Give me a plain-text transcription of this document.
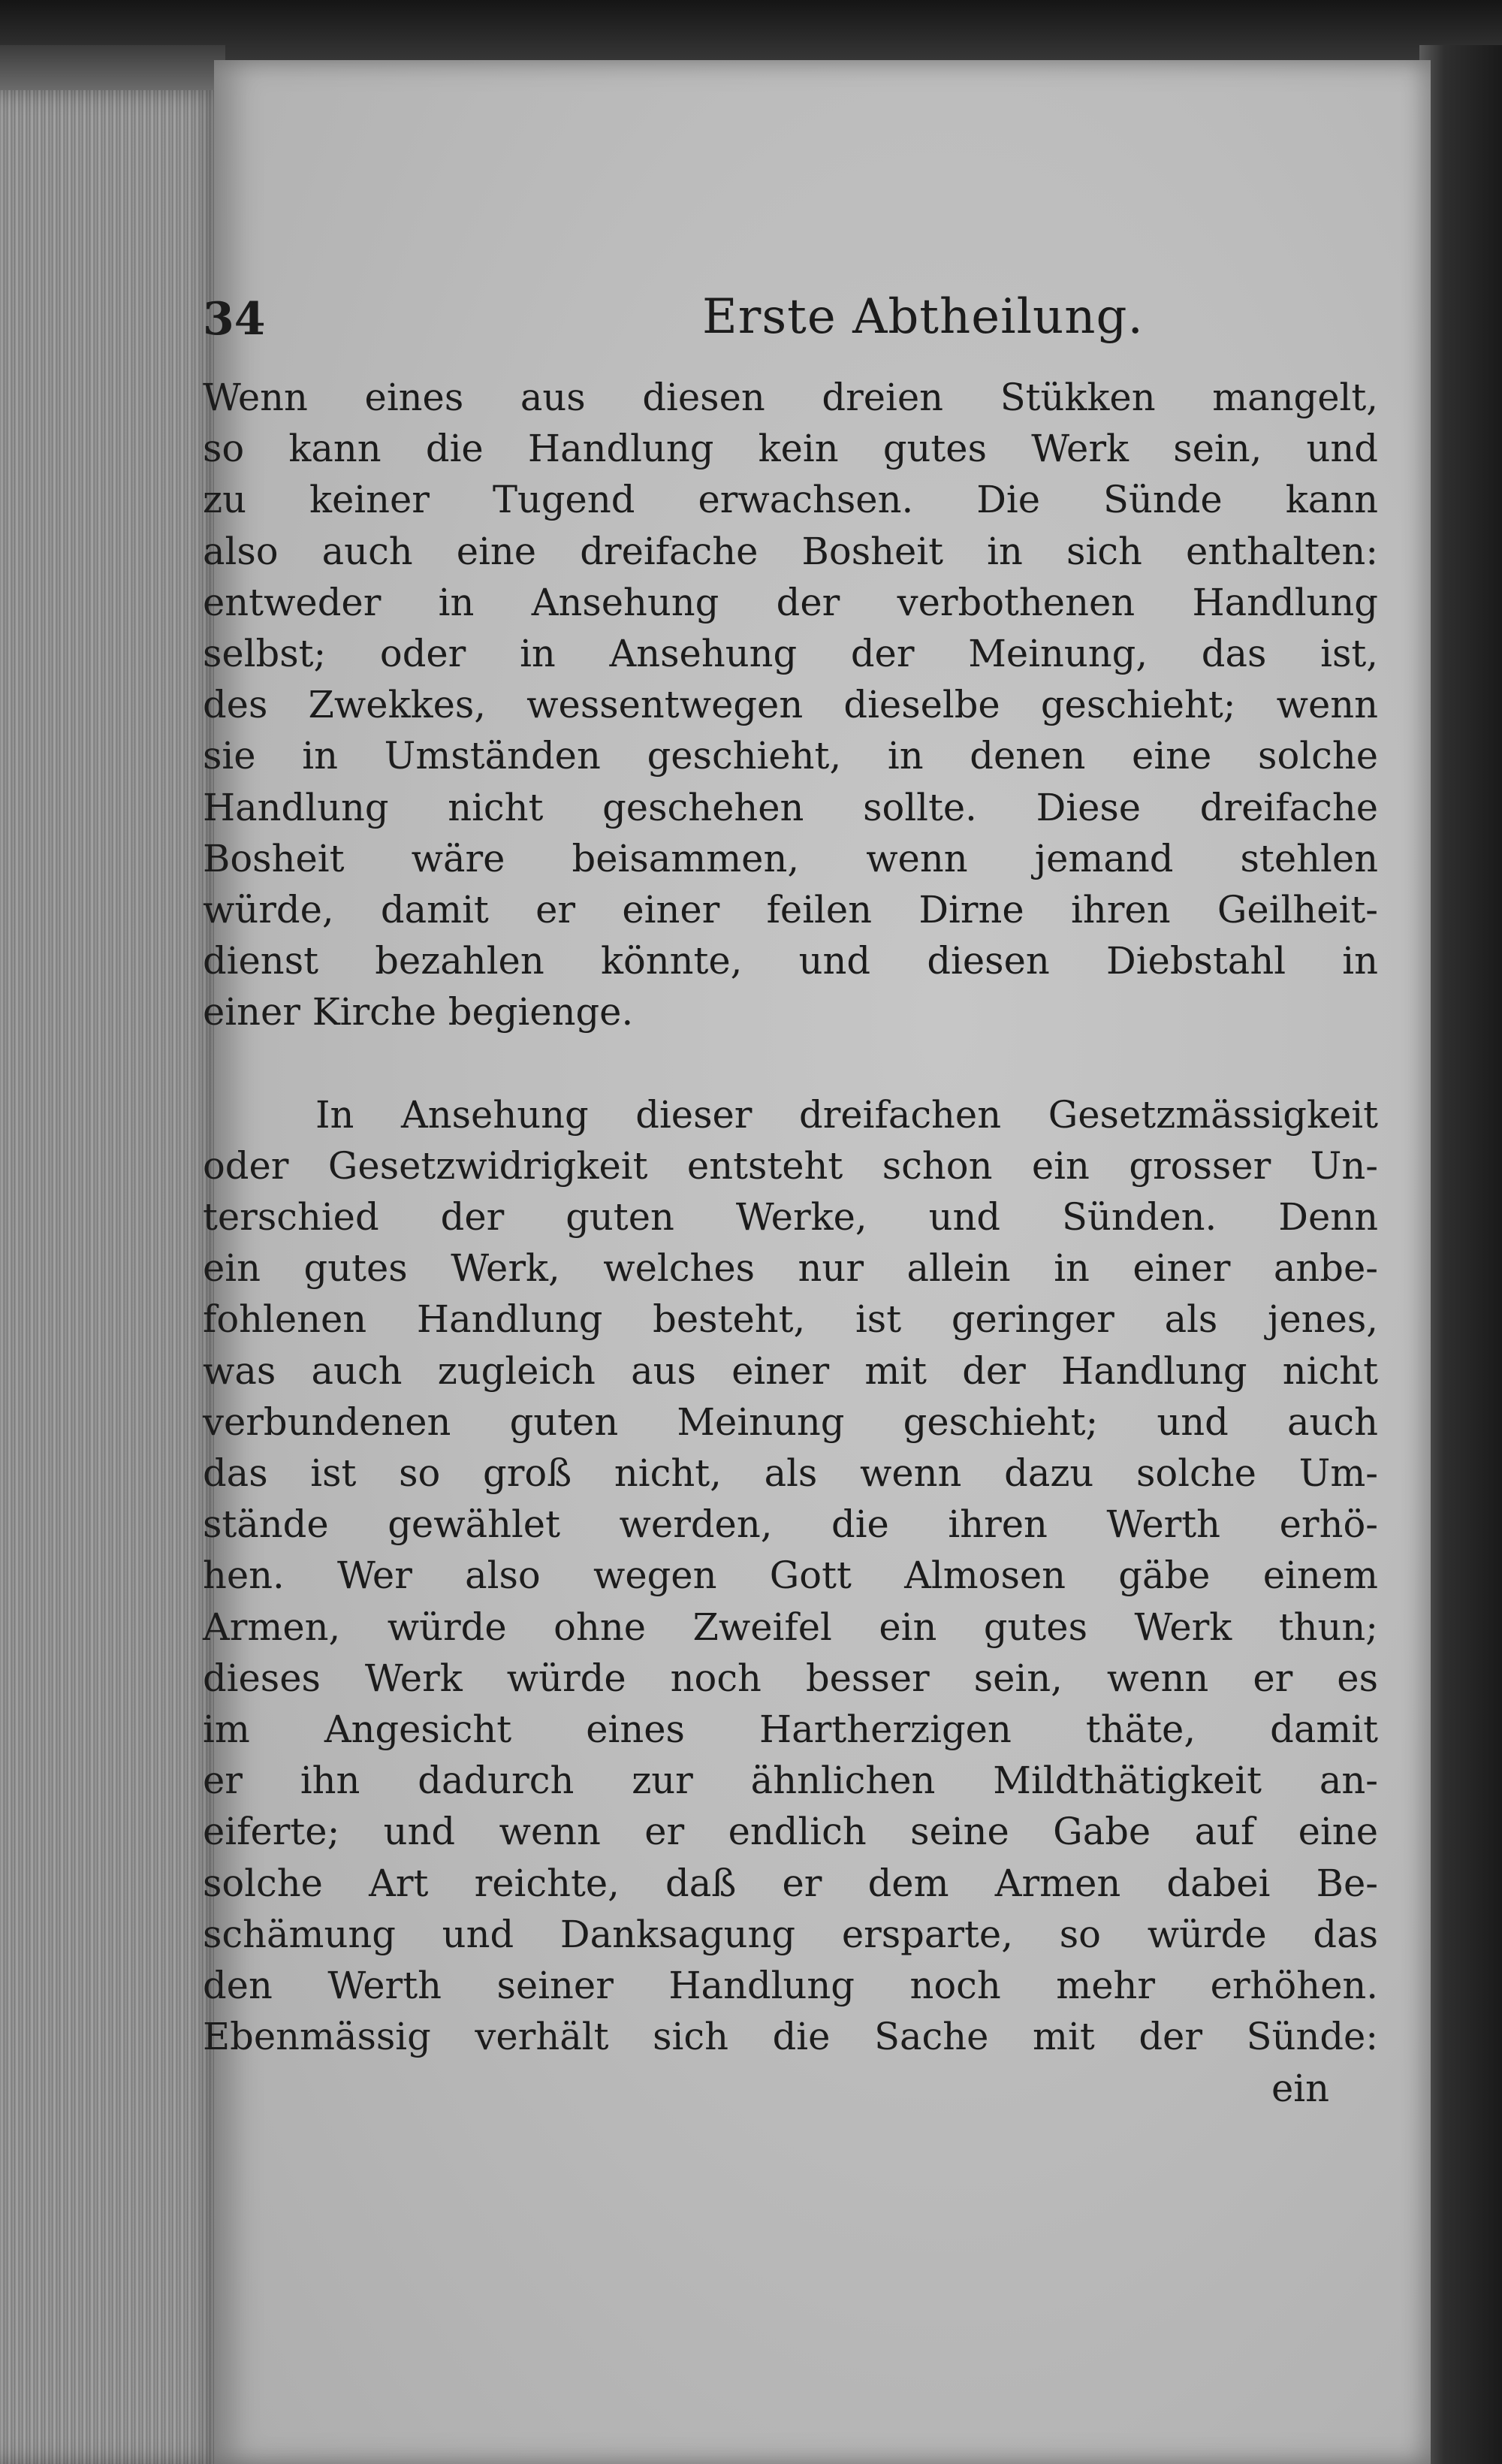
34	Erste Abtheilung.
Wenn eines aus diesen dreien Stükken mangelt,
so kann die Handlung kein gutes Werk sein, und
zu keiner Tugend erwachsen. Die Sünde kann
also auch eine dreifache Bosheit in sich enthalten:
entweder in Ansehung der verbothenen Handlung
selbst; oder in Ansehung der Meinung, das ist,
des Zwekkes, wessentwegen dieselbe geschieht; wenn
sie in Umständen geschieht, in denen eine solche
Handlung nicht geschehen sollte. Diese dreifache
Bosheit wäre beisammen, wenn jemand stehlen
würde, damit er einer feilen Dirne ihren Geilheit-
dienst bezahlen könnte, und diesen Diebstahl in
einer Kirche begienge.
In Ansehung dieser dreifachen Gesetzmässigkeit
oder Gesetzwidrigkeit entsteht schon ein grosser Un-
terschied der guten Werke, und Sünden. Denn
ein gutes Werk, welches nur allein in einer anbe-
fohlenen Handlung besteht, ist geringer als jenes,
was auch zugleich aus einer mit der Handlung nicht
verbundenen guten Meinung geschieht; und auch
das ist so groß nicht, als wenn dazu solche Um-
stände gewählet werden, die ihren Werth erhö-
hen. Wer also wegen Gott Almosen gäbe einem
Armen, würde ohne Zweifel ein gutes Werk thun;
dieses Werk würde noch besser sein, wenn er es
im Angesicht eines Hartherzigen thäte, damit
er ihn dadurch zur ähnlichen Mildthätigkeit an-
eiferte; und wenn er endlich seine Gabe auf eine
solche Art reichte, daß er dem Armen dabei Be-
schämung und Danksagung ersparte, so würde das
den Werth seiner Handlung noch mehr erhöhen.
Ebenmässig verhält sich die Sache mit der Sünde:
ein
